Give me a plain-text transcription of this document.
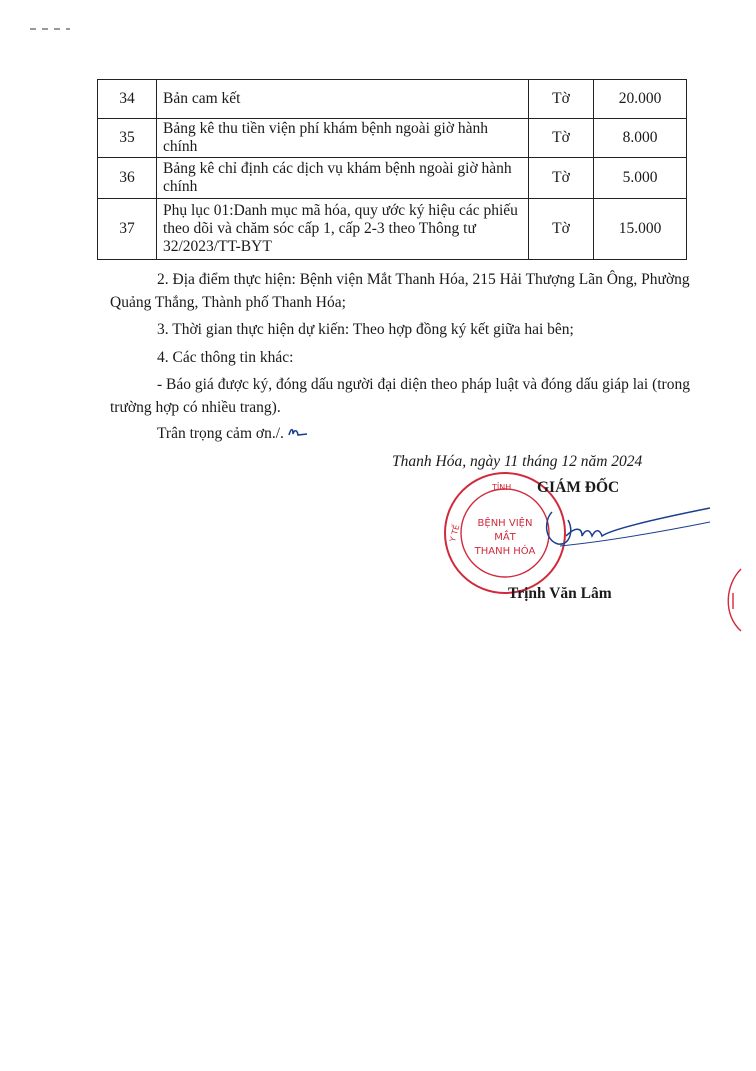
34	Bản cam kết	Tờ	20.000
35	Bảng kê thu tiền viện phí khám bệnh ngoài giờ hành chính	Tờ	8.000
36	Bảng kê chỉ định các dịch vụ khám bệnh ngoài giờ hành chính	Tờ	5.000
37	Phụ lục 01:Danh mục mã hóa, quy ước ký hiệu các phiếu theo dõi và chăm sóc cấp 1, cấp 2-3 theo Thông tư 32/2023/TT-BYT	Tờ	15.000

2. Địa điểm thực hiện: Bệnh viện Mắt Thanh Hóa, 215 Hải Thượng Lãn Ông, Phường Quảng Thắng, Thành phố Thanh Hóa;

3. Thời gian thực hiện dự kiến: Theo hợp đồng ký kết giữa hai bên;

4. Các thông tin khác:

- Báo giá được ký, đóng dấu người đại diện theo pháp luật và đóng dấu giáp lai (trong trường hợp có nhiều trang).

Trân trọng cảm ơn./.

Thanh Hóa, ngày 11 tháng 12 năm 2024

TỈNH
Y TẾ
BỆNH VIỆN
MẮT
THANH HÓA

GIÁM ĐỐC

Trịnh Văn Lâm
